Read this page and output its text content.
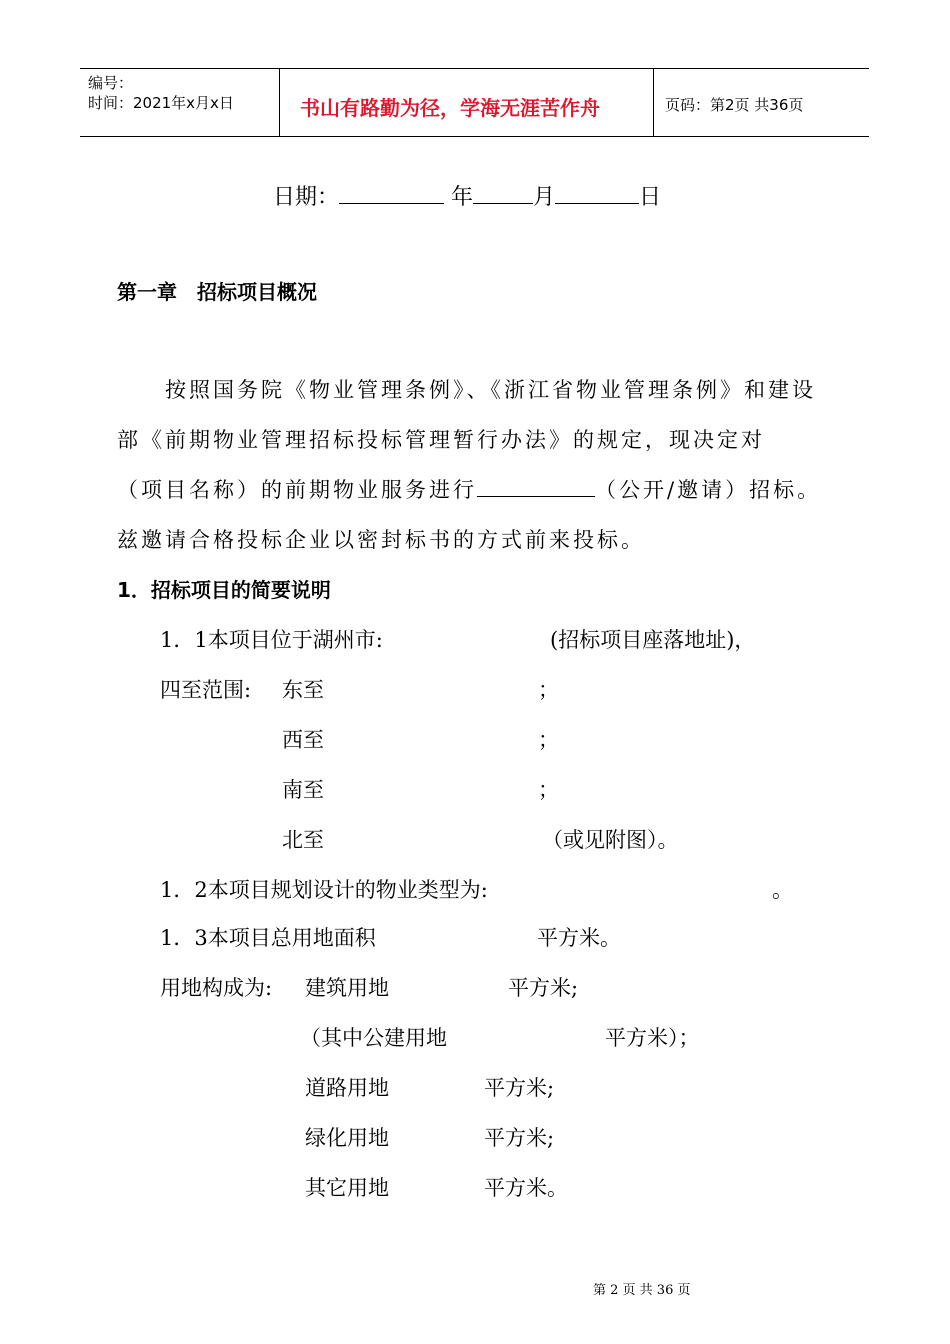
编号：
时间：2021年x月x日	书山有路勤为径，学海无涯苦作舟	页码：第2页 共36页
日期：	年	月	日
第一章　招标项目概况
按照国务院《物业管理条例》、《浙江省物业管理条例》和建设
部《前期物业管理招标投标管理暂行办法》的规定，现决定对
（项目名称）的前期物业服务进行	（公开/邀请）招标。
兹邀请合格投标企业以密封标书的方式前来投标。
1．招标项目的简要说明
1．1本项目位于湖州市:	(招标项目座落地址)，
四至范围: 东至	；
西至	；
南至	；
北至	（或见附图）。
1．2本项目规划设计的物业类型为:	。
1．3本项目总用地面积	平方米。
用地构成为: 建筑用地	平方米;
（其中公建用地	平方米）；
道路用地	平方米;
绿化用地	平方米;
其它用地	平方米。
第 2 页 共 36 页
